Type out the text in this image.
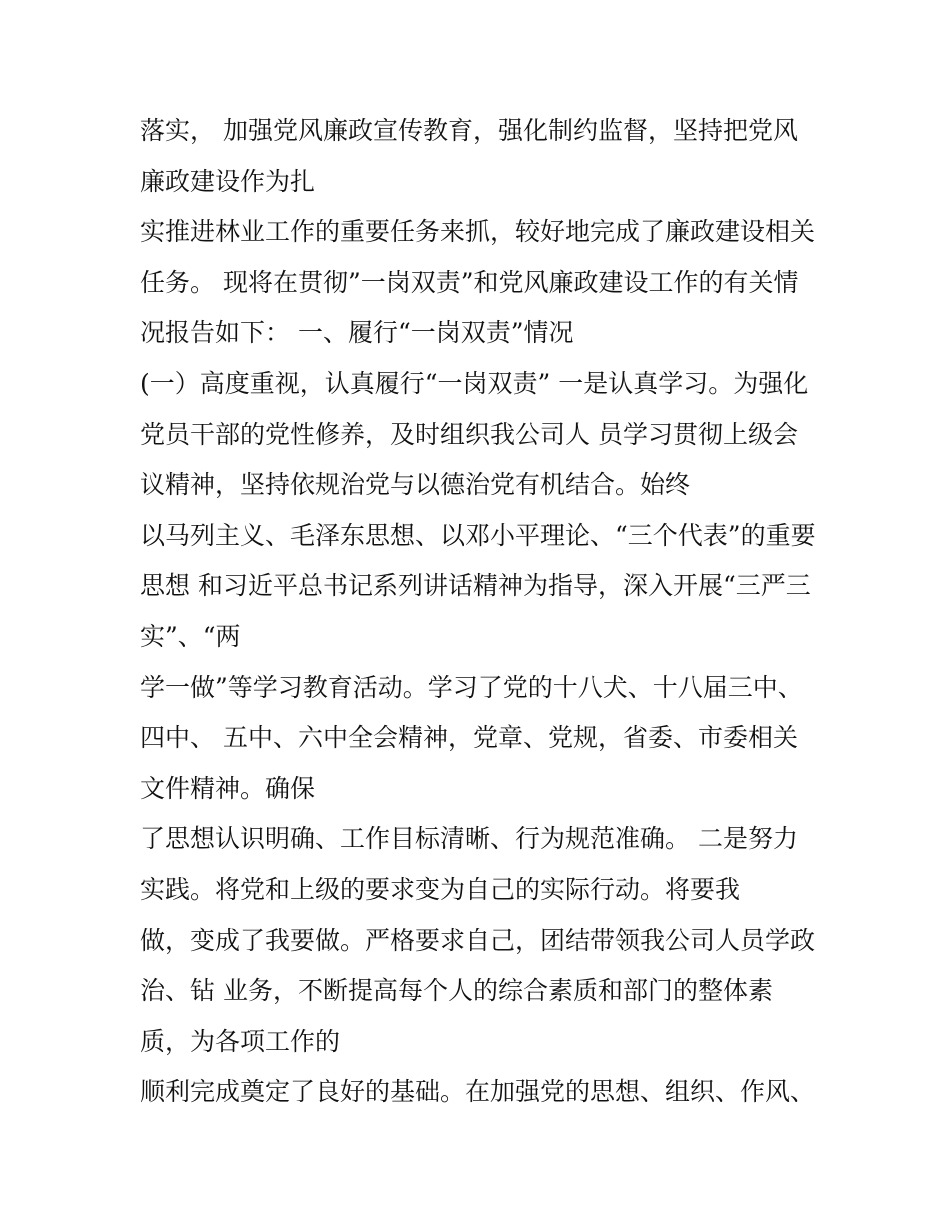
落实， 加强党风廉政宣传教育，强化制约监督，坚持把党风
廉政建设作为扎
实推进林业工作的重要任务来抓，较好地完成了廉政建设相关
任务。 现将在贯彻”一岗双责”和党风廉政建设工作的有关情
况报告如下： 一、履行“一岗双责”情况
(一）高度重视，认真履行“一岗双责” 一是认真学习。为强化
党员干部的党性修养，及时组织我公司人 员学习贯彻上级会
议精神，坚持依规治党与以德治党有机结合。始终
以马列主义、毛泽东思想、以邓小平理论、“三个代表”的重要
思想 和习近平总书记系列讲话精神为指导，深入开展“三严三
实”、“两
学一做”等学习教育活动。学习了党的十八犬、十八届三中、
四中、 五中、六中全会精神，党章、党规，省委、市委相关
文件精神。确保
了思想认识明确、工作目标清晰、行为规范准确。 二是努力
实践。将党和上级的要求变为自己的实际行动。将要我
做，变成了我要做。严格要求自己，团结带领我公司人员学政
治、钻 业务，不断提高每个人的综合素质和部门的整体素
质，为各项工作的
顺利完成奠定了良好的基础。在加强党的思想、组织、作风、
